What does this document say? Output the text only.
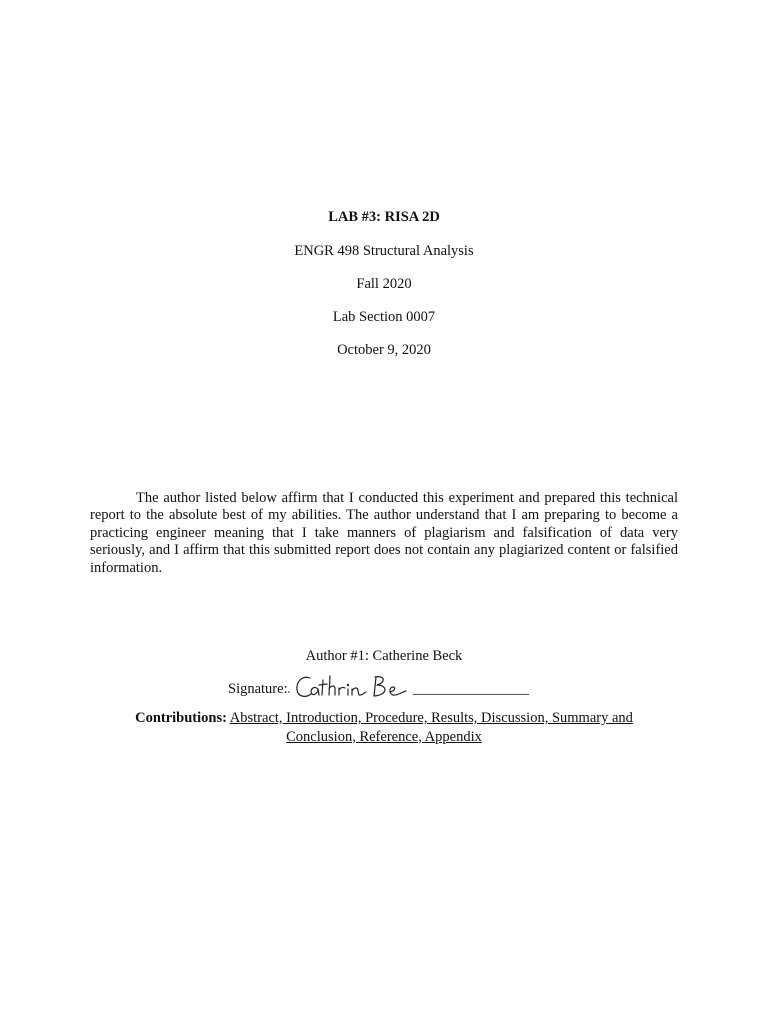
LAB #3: RISA 2D
ENGR 498 Structural Analysis
Fall 2020
Lab Section 0007
October 9, 2020

The author listed below affirm that I conducted this experiment and prepared this technical report to the absolute best of my abilities. The author understand that I am preparing to become a practicing engineer meaning that I take manners of plagiarism and falsification of data very seriously, and I affirm that this submitted report does not contain any plagiarized content or falsified information.

Author #1: Catherine Beck
Signature: .	________________
Contributions: Abstract, Introduction, Procedure, Results, Discussion, Summary and Conclusion, Reference, Appendix
